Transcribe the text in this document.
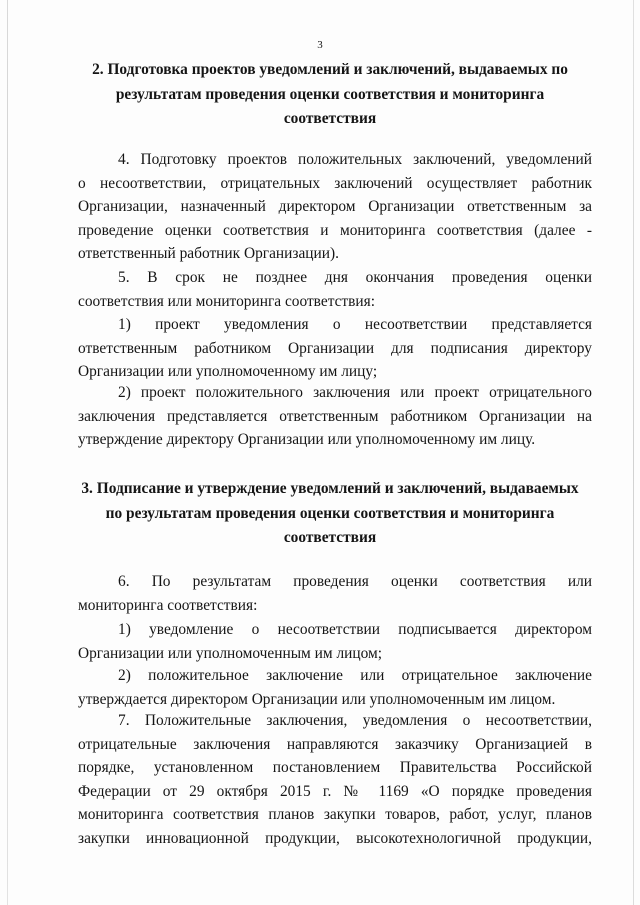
3
2. Подготовка проектов уведомлений и заключений, выдаваемых по
результатам проведения оценки соответствия и мониторинга
соответствия

4. Подготовку проектов положительных заключений, уведомлений
о несоответствии, отрицательных заключений осуществляет работник
Организации, назначенный директором Организации ответственным за
проведение оценки соответствия и мониторинга соответствия (далее -
ответственный работник Организации).

5. В срок не позднее дня окончания проведения оценки
соответствия или мониторинга соответствия:

1) проект уведомления о несоответствии представляется
ответственным работником Организации для подписания директору
Организации или уполномоченному им лицу;

2) проект положительного заключения или проект отрицательного
заключения представляется ответственным работником Организации на
утверждение директору Организации или уполномоченному им лицу.

3. Подписание и утверждение уведомлений и заключений, выдаваемых
по результатам проведения оценки соответствия и мониторинга
соответствия

6. По результатам проведения оценки соответствия или
мониторинга соответствия:

1) уведомление о несоответствии подписывается директором
Организации или уполномоченным им лицом;

2) положительное заключение или отрицательное заключение
утверждается директором Организации или уполномоченным им лицом.

7. Положительные заключения, уведомления о несоответствии,
отрицательные заключения направляются заказчику Организацией в
порядке, установленном постановлением Правительства Российской
Федерации от 29 октября 2015 г. № 1169 «О порядке проведения
мониторинга соответствия планов закупки товаров, работ, услуг, планов
закупки инновационной продукции, высокотехнологичной продукции,
